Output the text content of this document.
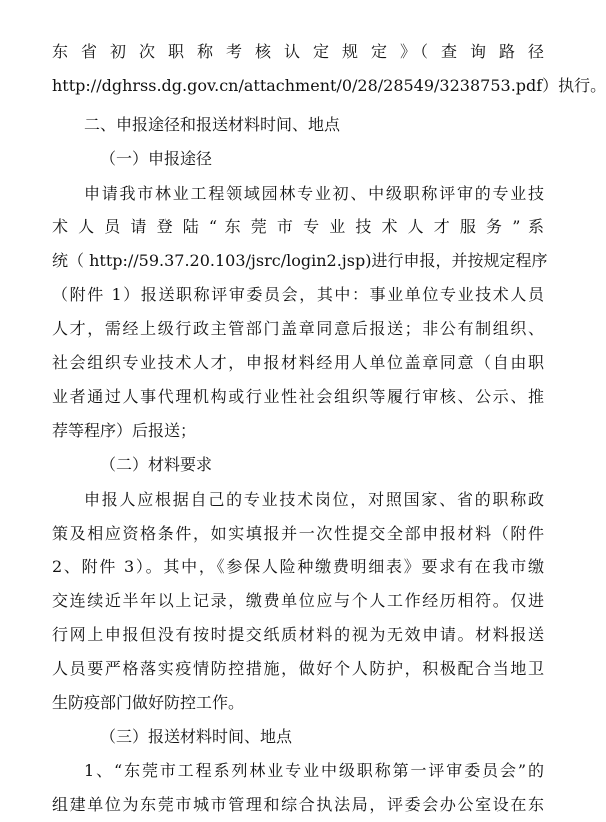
东 省 初 次 职 称 考 核 认 定 规 定 》（ 查 询 路 径
http://dghrss.dg.gov.cn/attachment/0/28/28549/3238753.pdf）执行。
二、申报途径和报送材料时间、地点
（一）申报途径
申请我市林业工程领域园林专业初、中级职称评审的专业技
术 人 员 请 登 陆 “ 东 莞 市 专 业 技 术 人 才 服 务 ” 系
统（ http://59.37.20.103/jsrc/login2.jsp)进行申报，并按规定程序
（附件 1）报送职称评审委员会，其中：事业单位专业技术人员
人才，需经上级行政主管部门盖章同意后报送；非公有制组织、
社会组织专业技术人才，申报材料经用人单位盖章同意（自由职
业者通过人事代理机构或行业性社会组织等履行审核、公示、推
荐等程序）后报送；
（二）材料要求
申报人应根据自己的专业技术岗位，对照国家、省的职称政
策及相应资格条件，如实填报并一次性提交全部申报材料（附件
2、附件 3）。其中，《参保人险种缴费明细表》要求有在我市缴
交连续近半年以上记录，缴费单位应与个人工作经历相符。仅进
行网上申报但没有按时提交纸质材料的视为无效申请。材料报送
人员要严格落实疫情防控措施，做好个人防护，积极配合当地卫
生防疫部门做好防控工作。
（三）报送材料时间、地点
1、“东莞市工程系列林业专业中级职称第一评审委员会”的
组建单位为东莞市城市管理和综合执法局，评委会办公室设在东
